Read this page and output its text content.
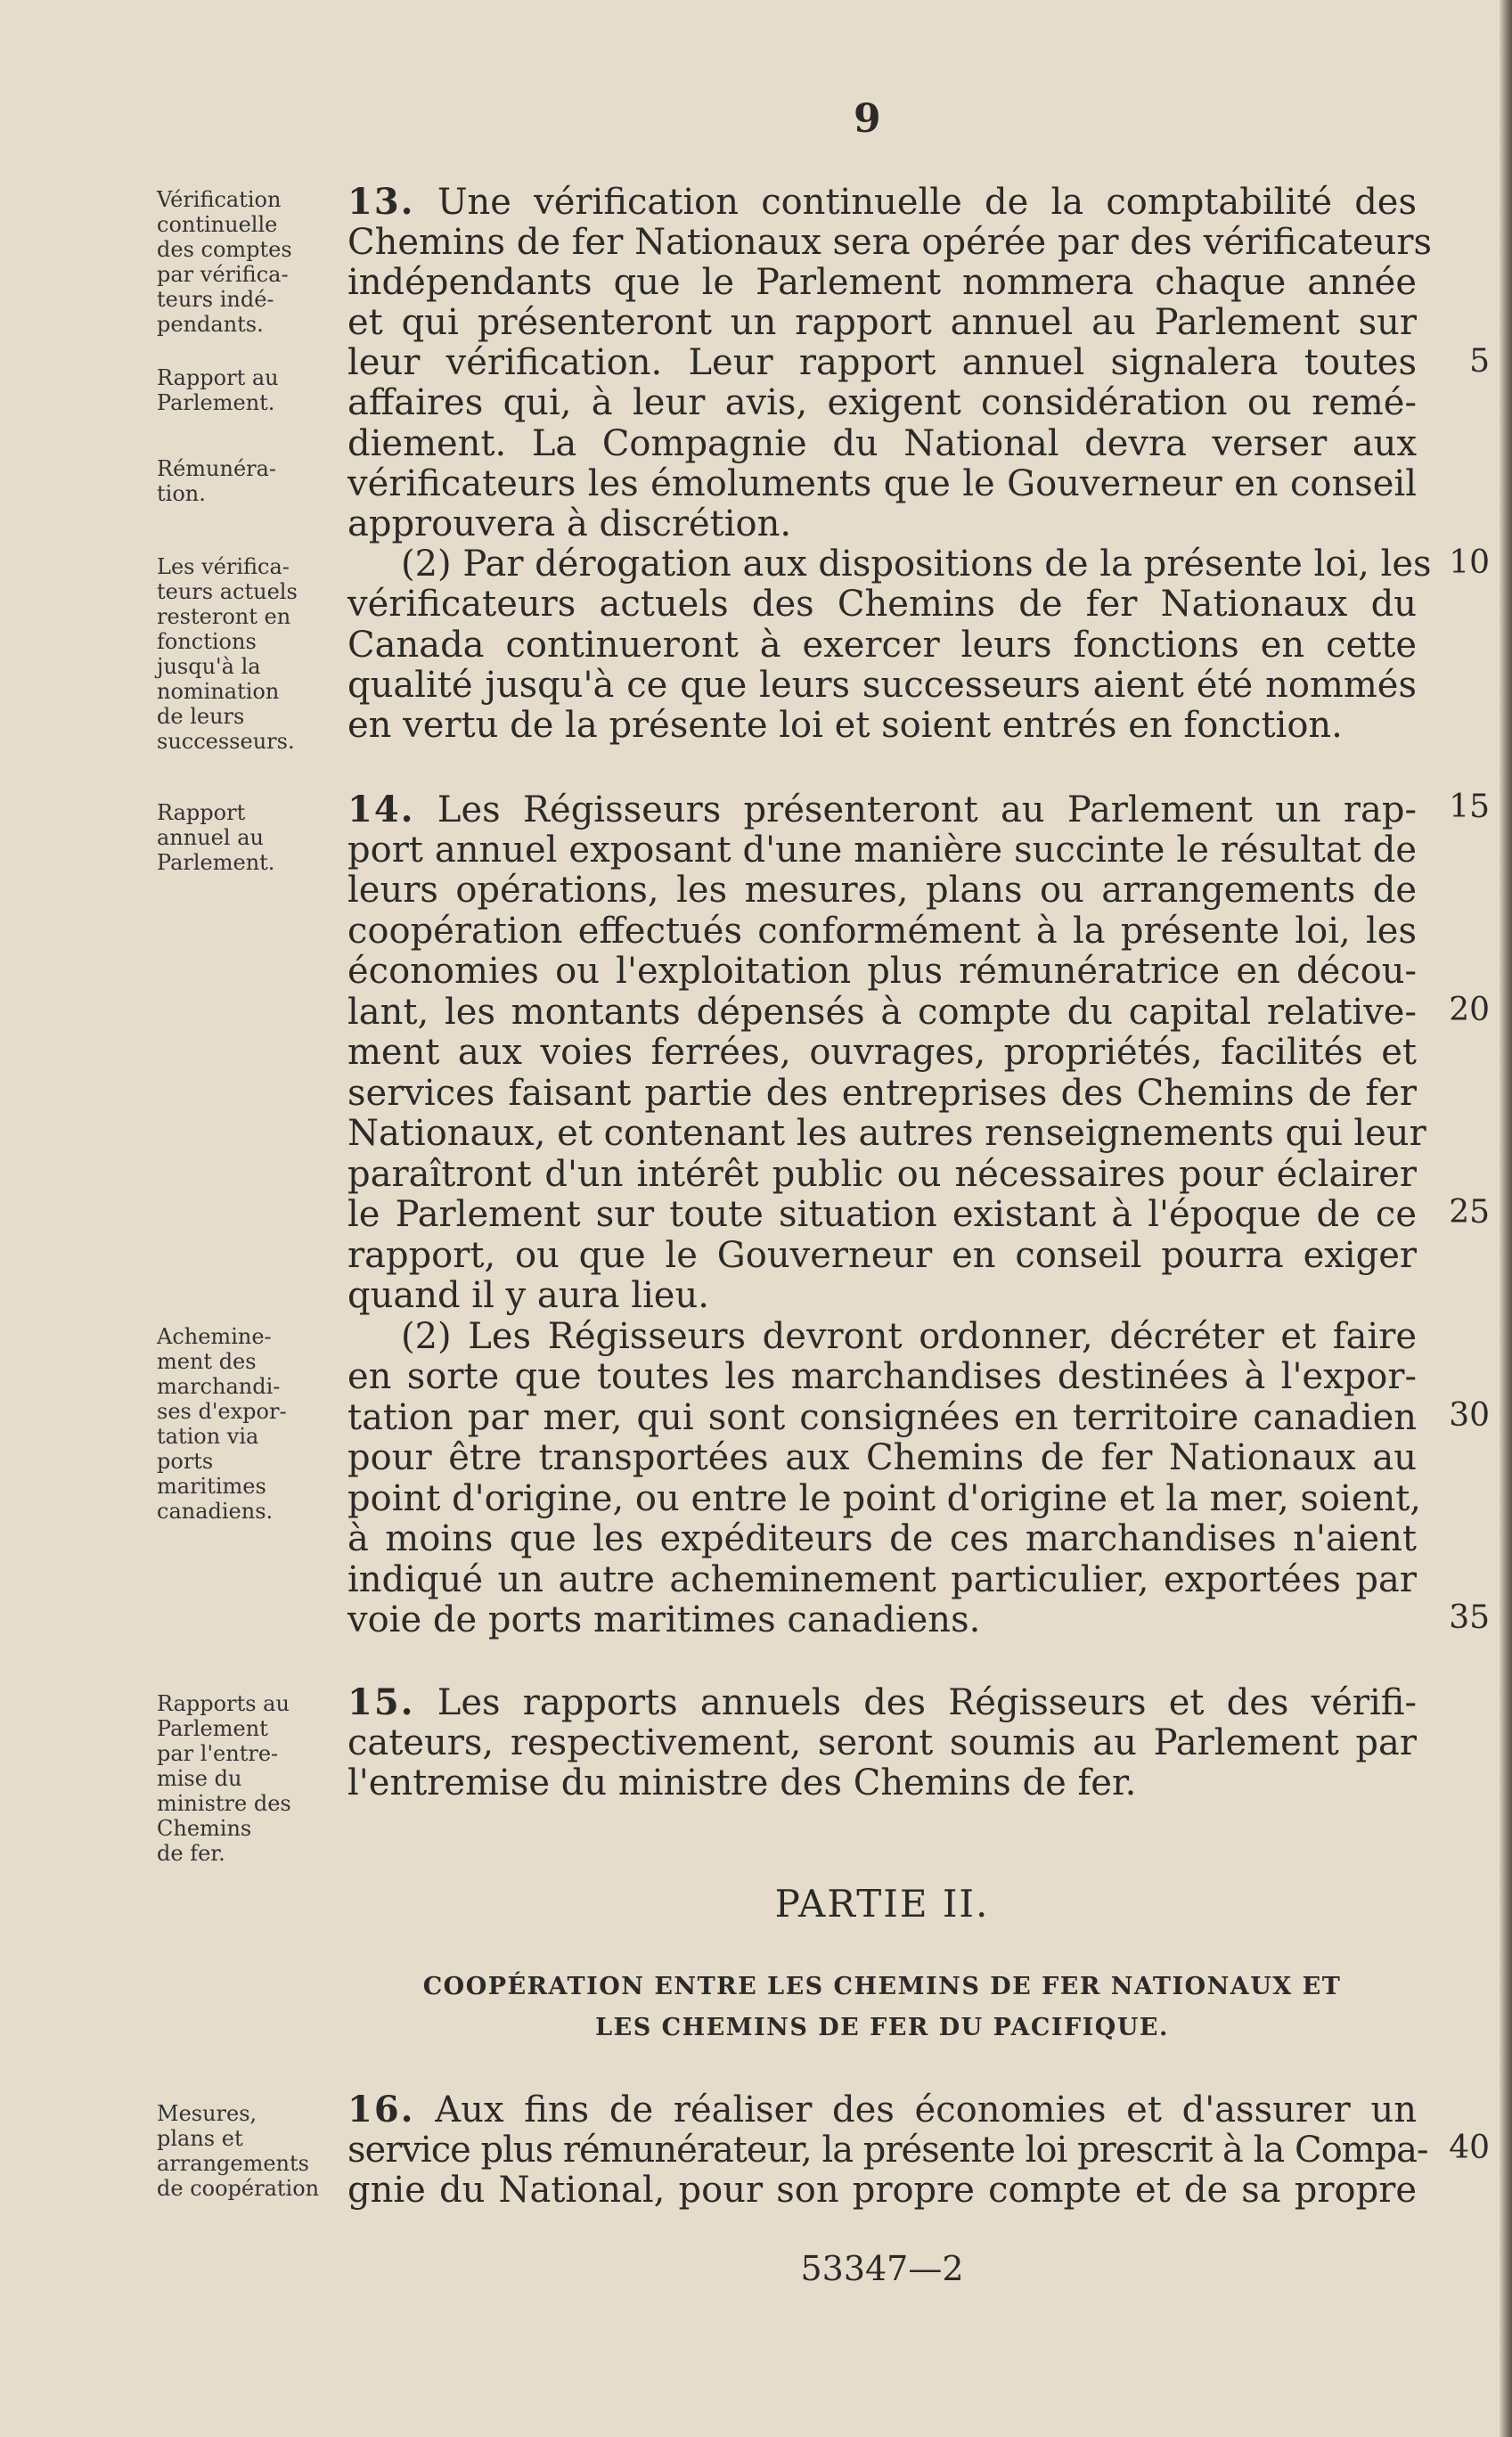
9
Vérification
continuelle
des comptes
par vérifica-
teurs indé-
pendants.
Rapport au
Parlement.
Rémunéra-
tion.
Les vérifica-
teurs actuels
resteront en
fonctions
jusqu'à la
nomination
de leurs
successeurs.
Rapport
annuel au
Parlement.
Achemine-
ment des
marchandi-
ses d'expor-
tation via
ports
maritimes
canadiens.
Rapports au
Parlement
par l'entre-
mise du
ministre des
Chemins
de fer.
Mesures,
plans et
arrangements
de coopération
13. Une vérification continuelle de la comptabilité des
Chemins de fer Nationaux sera opérée par des vérificateurs
indépendants que le Parlement nommera chaque année
et qui présenteront un rapport annuel au Parlement sur
leur vérification. Leur rapport annuel signalera toutes
affaires qui, à leur avis, exigent considération ou remé-
diement. La Compagnie du National devra verser aux
vérificateurs les émoluments que le Gouverneur en conseil
approuvera à discrétion.
(2) Par dérogation aux dispositions de la présente loi, les
vérificateurs actuels des Chemins de fer Nationaux du
Canada continueront à exercer leurs fonctions en cette
qualité jusqu'à ce que leurs successeurs aient été nommés
en vertu de la présente loi et soient entrés en fonction.
14. Les Régisseurs présenteront au Parlement un rap-
port annuel exposant d'une manière succinte le résultat de
leurs opérations, les mesures, plans ou arrangements de
coopération effectués conformément à la présente loi, les
économies ou l'exploitation plus rémunératrice en décou-
lant, les montants dépensés à compte du capital relative-
ment aux voies ferrées, ouvrages, propriétés, facilités et
services faisant partie des entreprises des Chemins de fer
Nationaux, et contenant les autres renseignements qui leur
paraîtront d'un intérêt public ou nécessaires pour éclairer
le Parlement sur toute situation existant à l'époque de ce
rapport, ou que le Gouverneur en conseil pourra exiger
quand il y aura lieu.
(2) Les Régisseurs devront ordonner, décréter et faire
en sorte que toutes les marchandises destinées à l'expor-
tation par mer, qui sont consignées en territoire canadien
pour être transportées aux Chemins de fer Nationaux au
point d'origine, ou entre le point d'origine et la mer, soient,
à moins que les expéditeurs de ces marchandises n'aient
indiqué un autre acheminement particulier, exportées par
voie de ports maritimes canadiens.
15. Les rapports annuels des Régisseurs et des vérifi-
cateurs, respectivement, seront soumis au Parlement par
l'entremise du ministre des Chemins de fer.
PARTIE II.
COOPÉRATION ENTRE LES CHEMINS DE FER NATIONAUX ET
LES CHEMINS DE FER DU PACIFIQUE.
16. Aux fins de réaliser des économies et d'assurer un
service plus rémunérateur, la présente loi prescrit à la Compa-
gnie du National, pour son propre compte et de sa propre
5
10
15
20
25
30
35
40
53347—2
